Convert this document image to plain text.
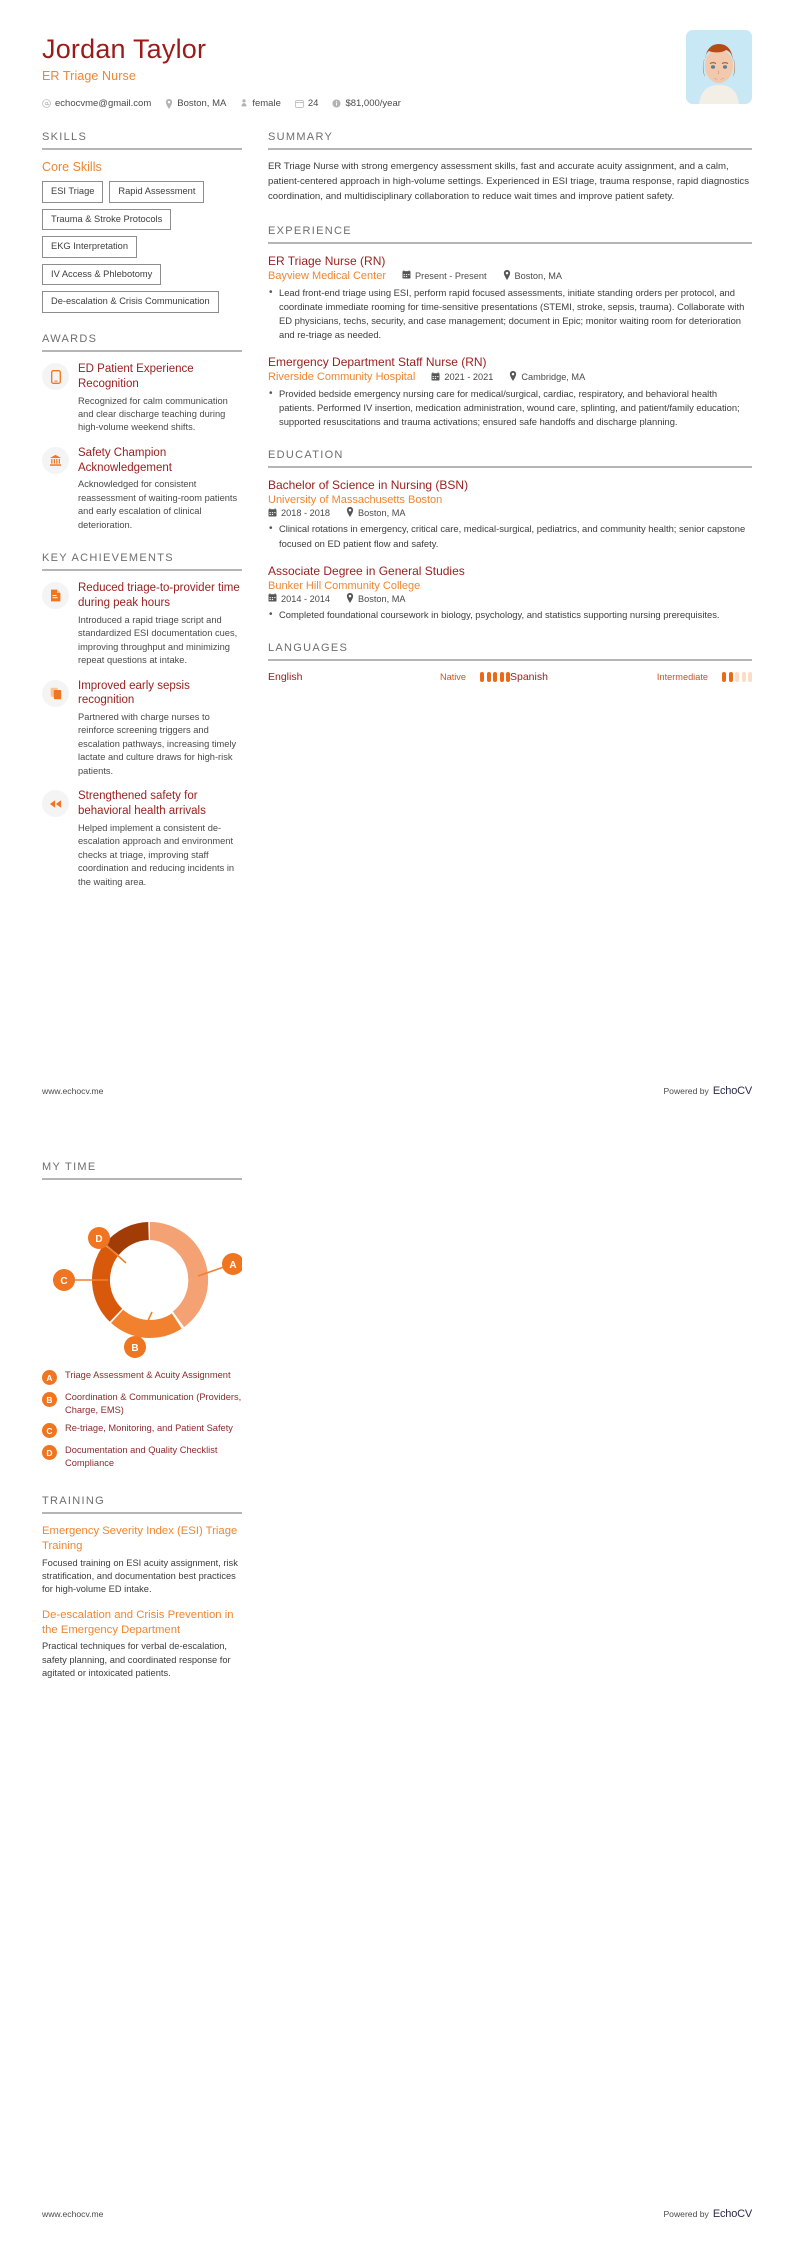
Jordan Taylor
ER Triage Nurse
echocvme@gmail.com	Boston, MA	female	24	$81,000/year
SKILLS
Core Skills
ESI Triage	Rapid Assessment
Trauma & Stroke Protocols
EKG Interpretation
IV Access & Phlebotomy
De-escalation & Crisis Communication
AWARDS
ED Patient Experience Recognition
Recognized for calm communication and clear discharge teaching during high-volume weekend shifts.
Safety Champion Acknowledgement
Acknowledged for consistent reassessment of waiting-room patients and early escalation of clinical deterioration.
KEY ACHIEVEMENTS
Reduced triage-to-provider time during peak hours
Introduced a rapid triage script and standardized ESI documentation cues, improving throughput and minimizing repeat questions at intake.
Improved early sepsis recognition
Partnered with charge nurses to reinforce screening triggers and escalation pathways, increasing timely lactate and culture draws for high-risk patients.
Strengthened safety for behavioral health arrivals
Helped implement a consistent de-escalation approach and environment checks at triage, improving staff coordination and reducing incidents in the waiting area.
SUMMARY
ER Triage Nurse with strong emergency assessment skills, fast and accurate acuity assignment, and a calm, patient-centered approach in high-volume settings. Experienced in ESI triage, trauma response, rapid diagnostics coordination, and multidisciplinary collaboration to reduce wait times and improve patient safety.
EXPERIENCE
ER Triage Nurse (RN)
Bayview Medical Center	Present - Present	Boston, MA
• Lead front-end triage using ESI, perform rapid focused assessments, initiate standing orders per protocol, and coordinate immediate rooming for time-sensitive presentations (STEMI, stroke, sepsis, trauma). Collaborate with ED physicians, techs, security, and case management; document in Epic; monitor waiting room for deterioration and re-triage as needed.
Emergency Department Staff Nurse (RN)
Riverside Community Hospital	2021 - 2021	Cambridge, MA
• Provided bedside emergency nursing care for medical/surgical, cardiac, respiratory, and behavioral health patients. Performed IV insertion, medication administration, wound care, splinting, and patient/family education; supported resuscitations and trauma activations; ensured safe handoffs and discharge planning.
EDUCATION
Bachelor of Science in Nursing (BSN)
University of Massachusetts Boston
2018 - 2018	Boston, MA
• Clinical rotations in emergency, critical care, medical-surgical, pediatrics, and community health; senior capstone focused on ED patient flow and safety.
Associate Degree in General Studies
Bunker Hill Community College
2014 - 2014	Boston, MA
• Completed foundational coursework in biology, psychology, and statistics supporting nursing prerequisites.
LANGUAGES
English	Native	Spanish	Intermediate
www.echocv.me	Powered by EchoCV
MY TIME
D
C
B
A
A	Triage Assessment & Acuity Assignment
B	Coordination & Communication (Providers, Charge, EMS)
C	Re-triage, Monitoring, and Patient Safety
D	Documentation and Quality Checklist Compliance
TRAINING
Emergency Severity Index (ESI) Triage Training
Focused training on ESI acuity assignment, risk stratification, and documentation best practices for high-volume ED intake.
De-escalation and Crisis Prevention in the Emergency Department
Practical techniques for verbal de-escalation, safety planning, and coordinated response for agitated or intoxicated patients.
www.echocv.me	Powered by EchoCV
